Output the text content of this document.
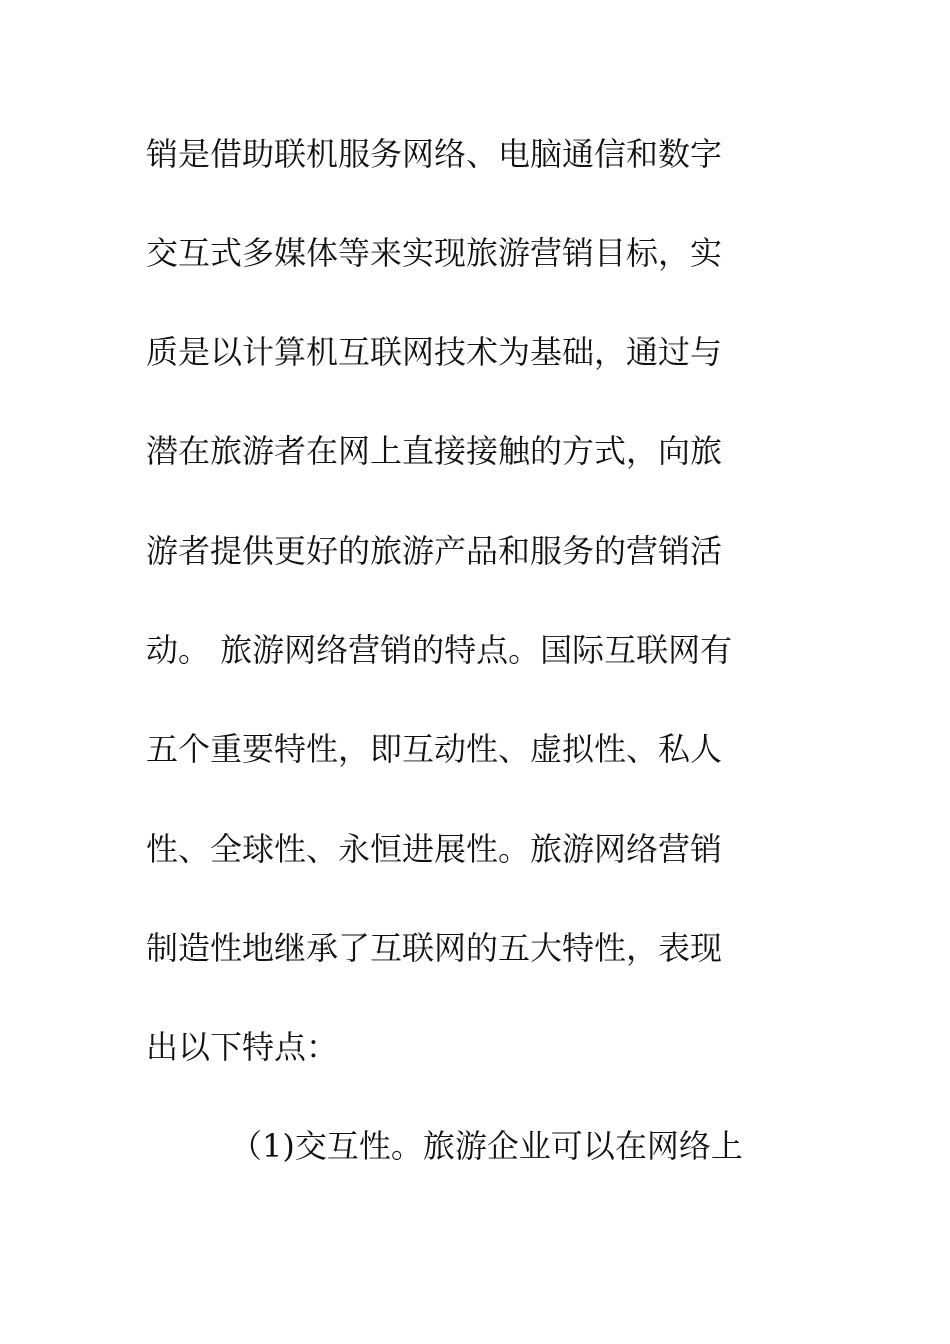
销是借助联机服务网络、电脑通信和数字
交互式多媒体等来实现旅游营销目标，实
质是以计算机互联网技术为基础，通过与
潜在旅游者在网上直接接触的方式，向旅
游者提供更好的旅游产品和服务的营销活
动。 旅游网络营销的特点。国际互联网有
五个重要特性，即互动性、虚拟性、私人
性、全球性、永恒进展性。旅游网络营销
制造性地继承了互联网的五大特性，表现
出以下特点：
（1)交互性。旅游企业可以在网络上
